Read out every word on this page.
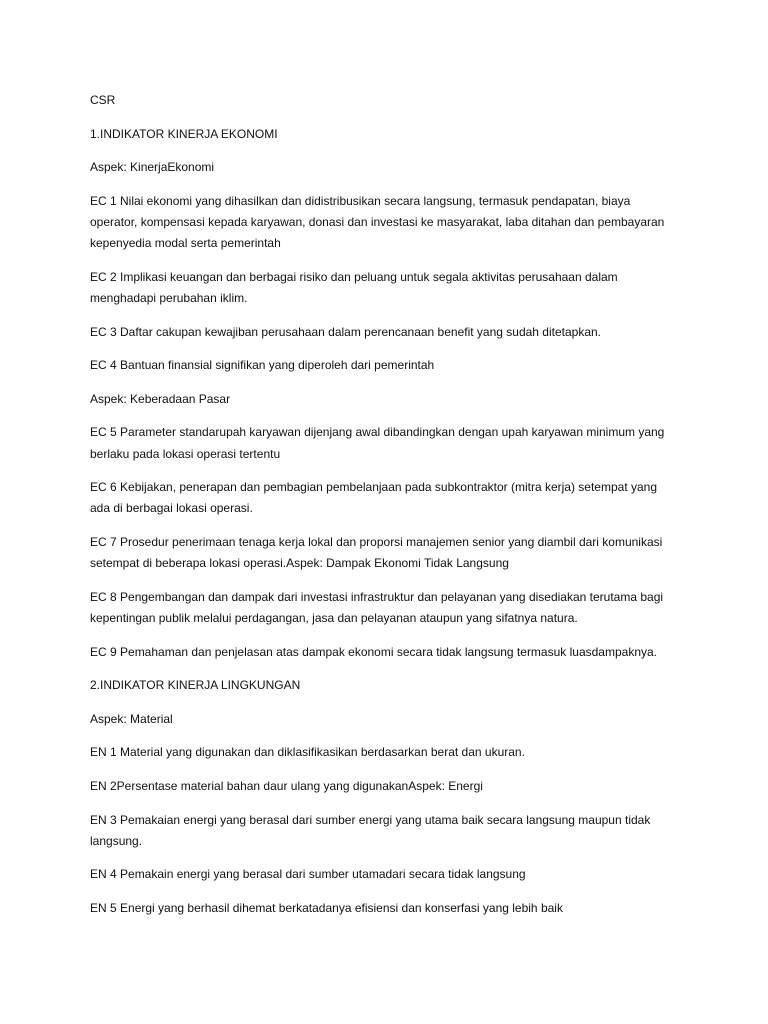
CSR

1.INDIKATOR KINERJA EKONOMI

Aspek: KinerjaEkonomi

EC 1 Nilai ekonomi yang dihasilkan dan didistribusikan secara langsung, termasuk pendapatan, biaya operator, kompensasi kepada karyawan, donasi dan investasi ke masyarakat, laba ditahan dan pembayaran kepenyedia modal serta pemerintah

EC 2 Implikasi keuangan dan berbagai risiko dan peluang untuk segala aktivitas perusahaan dalam menghadapi perubahan iklim.

EC 3 Daftar cakupan kewajiban perusahaan dalam perencanaan benefit yang sudah ditetapkan.

EC 4 Bantuan finansial signifikan yang diperoleh dari pemerintah

Aspek: Keberadaan Pasar

EC 5 Parameter standarupah karyawan dijenjang awal dibandingkan dengan upah karyawan minimum yang berlaku pada lokasi operasi tertentu

EC 6 Kebijakan, penerapan dan pembagian pembelanjaan pada subkontraktor (mitra kerja) setempat yang ada di berbagai lokasi operasi.

EC 7 Prosedur penerimaan tenaga kerja lokal dan proporsi manajemen senior yang diambil dari komunikasi setempat di beberapa lokasi operasi.Aspek: Dampak Ekonomi Tidak Langsung

EC 8 Pengembangan dan dampak dari investasi infrastruktur dan pelayanan yang disediakan terutama bagi kepentingan publik melalui perdagangan, jasa dan pelayanan ataupun yang sifatnya natura.

EC 9 Pemahaman dan penjelasan atas dampak ekonomi secara tidak langsung termasuk luasdampaknya.

2.INDIKATOR KINERJA LINGKUNGAN

Aspek: Material

EN 1 Material yang digunakan dan diklasifikasikan berdasarkan berat dan ukuran.

EN 2Persentase material bahan daur ulang yang digunakanAspek: Energi

EN 3 Pemakaian energi yang berasal dari sumber energi yang utama baik secara langsung maupun tidak langsung.

EN 4 Pemakain energi yang berasal dari sumber utamadari secara tidak langsung

EN 5 Energi yang berhasil dihemat berkatadanya efisiensi dan konserfasi yang lebih baik
